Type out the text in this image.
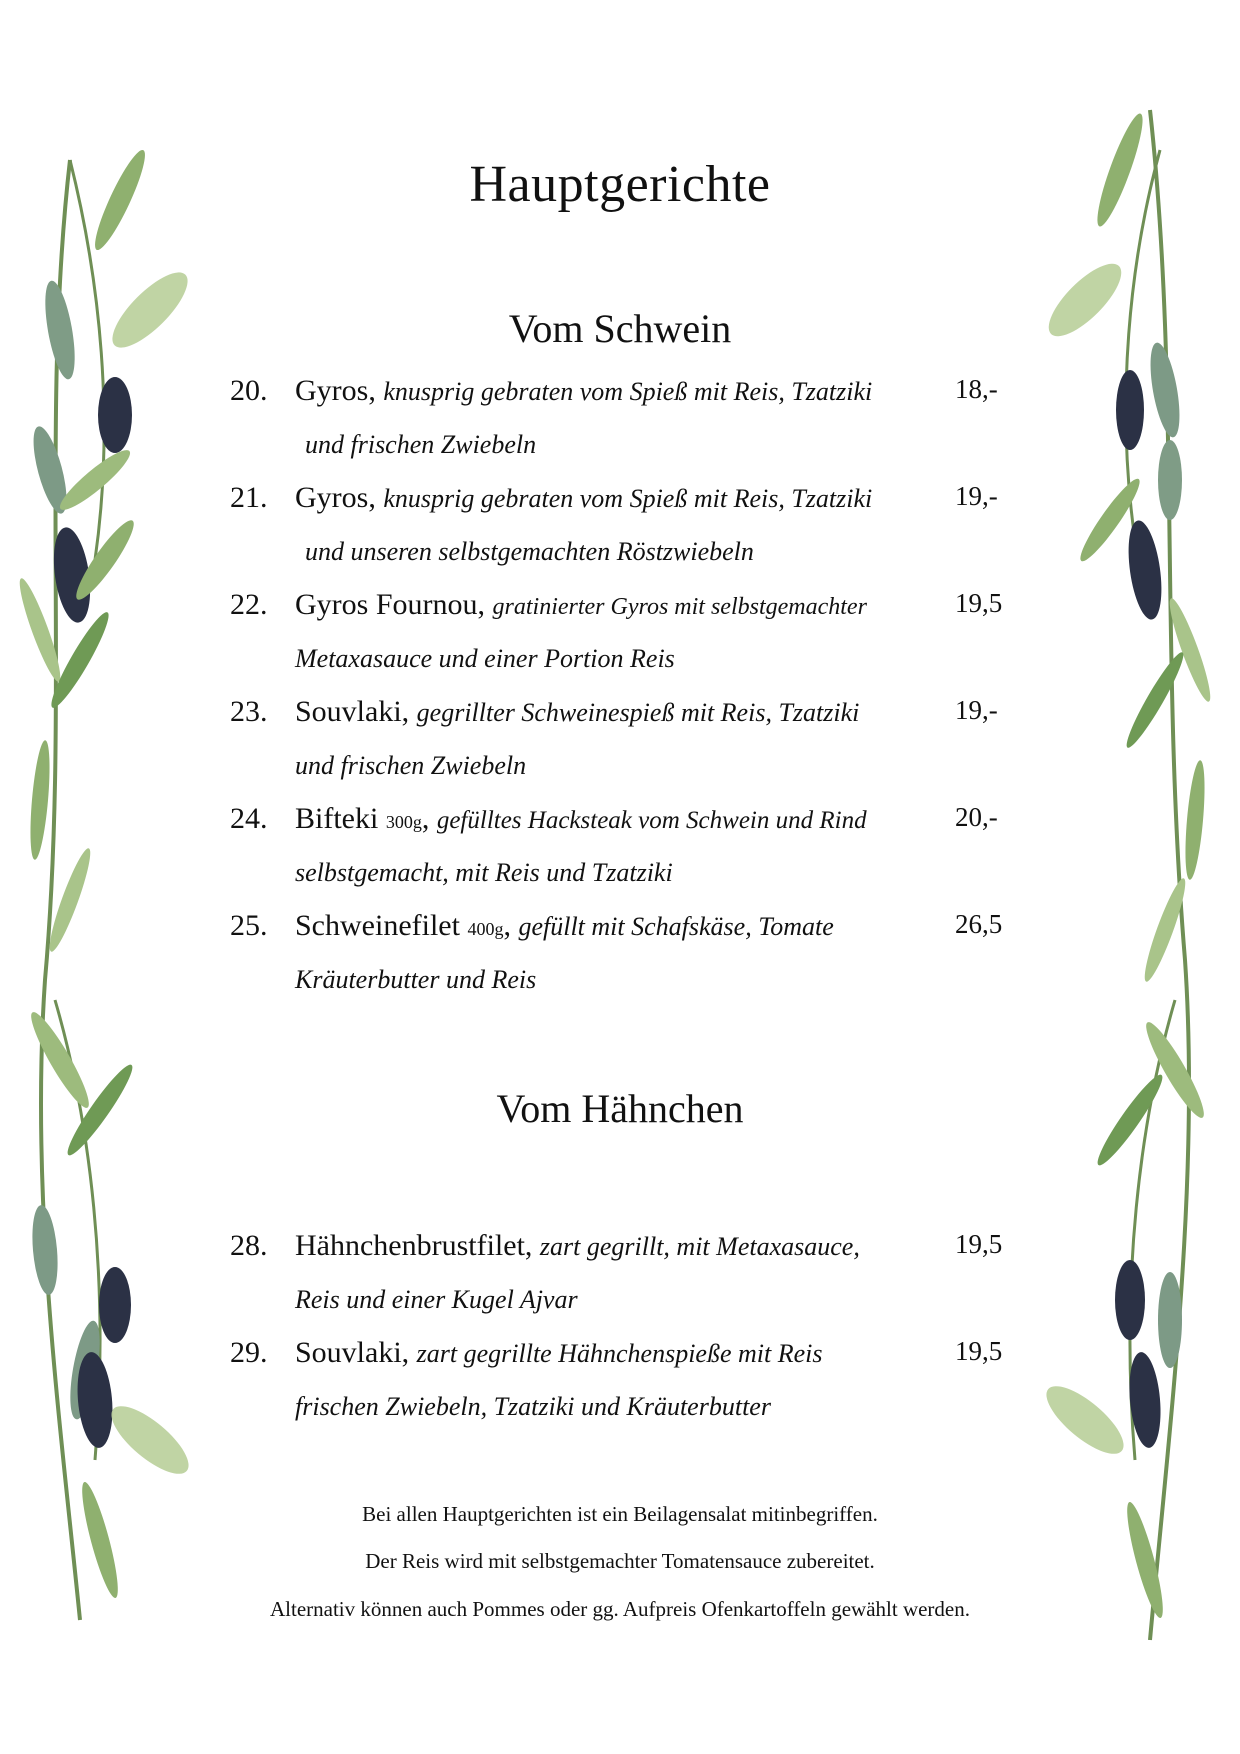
Hauptgerichte
Vom Schwein
20. Gyros, knusprig gebraten vom Spieß mit Reis, Tzatziki
und frischen Zwiebeln
18,-
21. Gyros, knusprig gebraten vom Spieß mit Reis, Tzatziki
und unseren selbstgemachten Röstzwiebeln
19,-
22. Gyros Fournou, gratinierter Gyros mit selbstgemachter
Metaxasauce und einer Portion Reis
19,5
23. Souvlaki, gegrillter Schweinespieß mit Reis, Tzatziki
und frischen Zwiebeln
19,-
24. Bifteki 300g, gefülltes Hacksteak vom Schwein und Rind
selbstgemacht, mit Reis und Tzatziki
20,-
25. Schweinefilet 400g, gefüllt mit Schafskäse, Tomate
Kräuterbutter und Reis
26,5
Vom Hähnchen
28. Hähnchenbrustfilet, zart gegrillt, mit Metaxasauce,
Reis und einer Kugel Ajvar
19,5
29. Souvlaki, zart gegrillte Hähnchenspieße mit Reis
frischen Zwiebeln, Tzatziki und Kräuterbutter
19,5

Bei allen Hauptgerichten ist ein Beilagensalat mitinbegriffen.

Der Reis wird mit selbstgemachter Tomatensauce zubereitet.

Alternativ können auch Pommes oder gg. Aufpreis Ofenkartoffeln gewählt werden.
